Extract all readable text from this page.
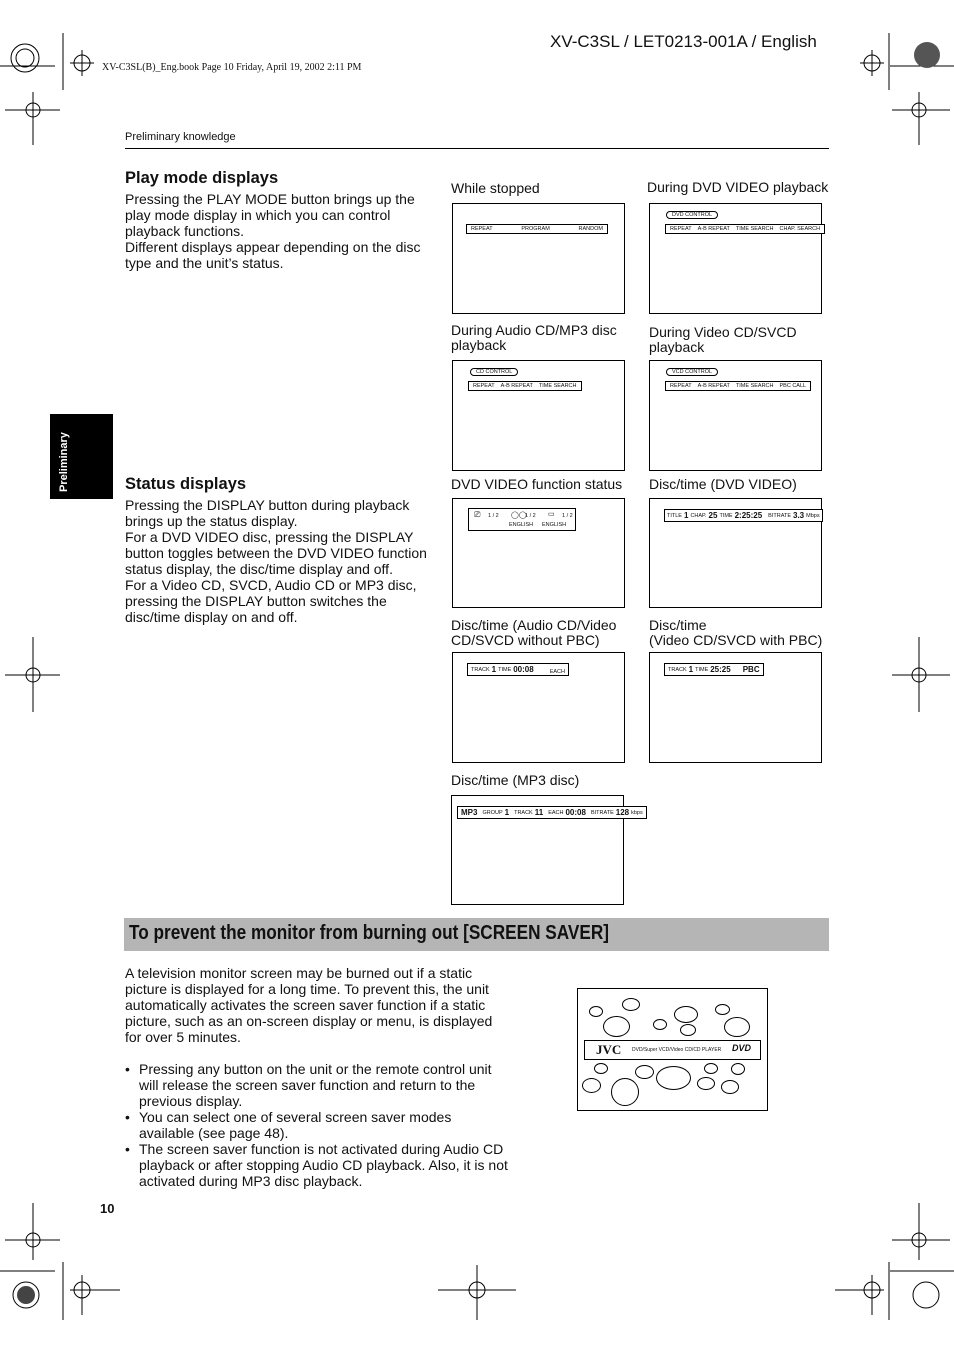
XV-C3SL / LET0213-001A / English
XV-C3SL(B)_Eng.book Page 10 Friday, April 19, 2002 2:11 PM
Preliminary knowledge
Preliminary
Play mode displays

Pressing the PLAY MODE button brings up the play mode display in which you can control playback functions.

Different displays appear depending on the disc type and the unit’s status.

Status displays

Pressing the DISPLAY button during playback brings up the status display.

For a DVD VIDEO disc, pressing the DISPLAY button toggles between the DVD VIDEO function status display, the disc/time display and off.

For a Video CD, SVCD, Audio CD or MP3 disc, pressing the DISPLAY button switches the disc/time display on and off.

While stopped
REPEAT	PROGRAM	RANDOM
During DVD VIDEO playback
DVD CONTROL
REPEAT A-B REPEAT TIME SEARCH CHAP. SEARCH
During Audio CD/MP3 disc
playback
CD CONTROL
REPEAT A-B REPEAT TIME SEARCH
During Video CD/SVCD
playback
VCD CONTROL
REPEAT A-B REPEAT TIME SEARCH PBC CALL
DVD VIDEO function status
⎚ 1 / 2 ◯◯
1 / 2 ▭ 1 / 2
ENGLISH ENGLISH
Disc/time (DVD VIDEO)
TITLE 1 CHAP. 25 TIME 2:25:25 BITRATE 3.3 Mbps
Disc/time (Audio CD/Video
CD/SVCD without PBC)
TRACK 1 TIME 00:08	EACH
Disc/time
(Video CD/SVCD with PBC)
TRACK 1 TIME 25:25 PBC
Disc/time (MP3 disc)
MP3 GROUP 1 TRACK 11 EACH 00:08 BITRATE 128 kbps
To prevent the monitor from burning out [SCREEN SAVER]

A television monitor screen may be burned out if a static picture is displayed for a long time. To prevent this, the unit automatically activates the screen saver function if a static picture, such as an on-screen display or menu, is displayed for over 5 minutes.

• Pressing any button on the unit or the remote control unit will release the screen saver function and return to the previous display.
• You can select one of several screen saver modes available (see page 48).
• The screen saver function is not activated during Audio CD playback or after stopping Audio CD playback. Also, it is not activated during MP3 disc playback.
JVC DVD/Super VCD/Video CD/CD PLAYER DVD
10
